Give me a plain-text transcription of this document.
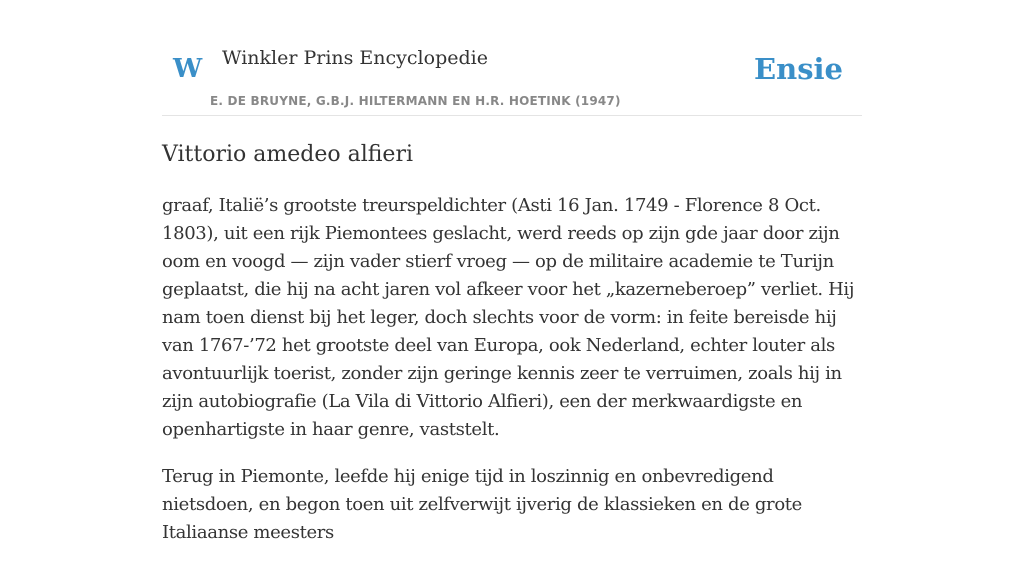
W Winkler Prins Encyclopedie
E. DE BRUYNE, G.B.J. HILTERMANN EN H.R. HOETINK (1947)
Ensie
Vittorio amedeo alfieri

graaf, Italië’s grootste treurspeldichter (Asti 16 Jan. 1749 - Florence 8 Oct. 1803), uit een rijk Piemontees geslacht, werd reeds op zijn gde jaar door zijn oom en voogd — zijn vader stierf vroeg — op de militaire academie te Turijn geplaatst, die hij na acht jaren vol afkeer voor het „kazerneberoep” verliet. Hij nam toen dienst bij het leger, doch slechts voor de vorm: in feite bereisde hij van 1767-’72 het grootste deel van Europa, ook Nederland, echter louter als avontuurlijk toerist, zonder zijn geringe kennis zeer te verruimen, zoals hij in zijn autobiografie (La Vila di Vittorio Alfieri), een der merkwaardigste en openhartigste in haar genre, vaststelt.

Terug in Piemonte, leefde hij enige tijd in loszinnig en onbevredigend nietsdoen, en begon toen uit zelfverwijt ijverig de klassieken en de grote Italiaanse meesters
